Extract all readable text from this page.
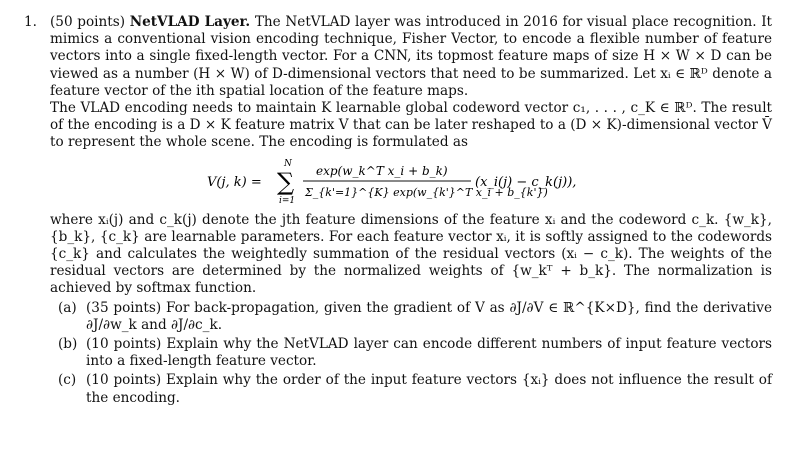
1. (50 points) NetVLAD Layer. The NetVLAD layer was introduced in 2016 for visual place recognition. It mimics a conventional vision encoding technique, Fisher Vector, to encode a flexible number of feature vectors into a single fixed-length vector. For a CNN, its topmost feature maps of size H × W × D can be viewed as a number (H × W) of D-dimensional vectors that need to be summarized. Let xᵢ ∈ ℝᴰ denote a feature vector of the ith spatial location of the feature maps.

The VLAD encoding needs to maintain K learnable global codeword vector c₁, . . . , c_K ∈ ℝᴰ. The result of the encoding is a D × K feature matrix V that can be later reshaped to a (D × K)-dimensional vector V̄ to represent the whole scene. The encoding is formulated as

V(j, k) =
N
∑
i=1
exp(w_k^T x_i + b_k)
Σ_{k'=1}^{K} exp(w_{k'}^T x_i + b_{k'})
(x_i(j) − c_k(j)),

where xᵢ(j) and c_k(j) denote the jth feature dimensions of the feature xᵢ and the codeword c_k. {w_k}, {b_k}, {c_k} are learnable parameters. For each feature vector xᵢ, it is softly assigned to the codewords {c_k} and calculates the weightedly summation of the residual vectors (xᵢ − c_k). The weights of the residual vectors are determined by the normalized weights of {w_kᵀ + b_k}. The normalization is achieved by softmax function.

(a) (35 points) For back-propagation, given the gradient of V as ∂J/∂V ∈ ℝ^{K×D}, find the derivative ∂J/∂w_k and ∂J/∂c_k.
(b) (10 points) Explain why the NetVLAD layer can encode different numbers of input feature vectors into a fixed-length feature vector.
(c) (10 points) Explain why the order of the input feature vectors {xᵢ} does not influence the result of the encoding.
